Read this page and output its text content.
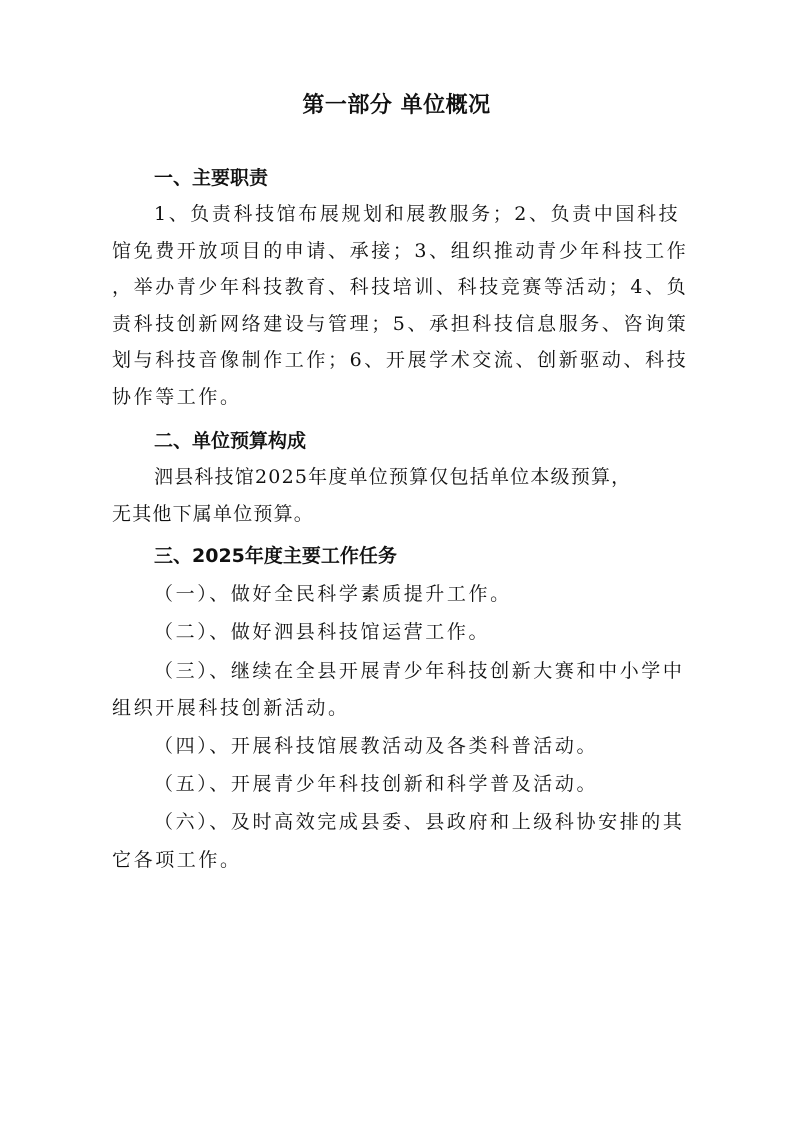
第一部分 单位概况
一、主要职责
1、负责科技馆布展规划和展教服务；2、负责中国科技
馆免费开放项目的申请、承接；3、组织推动青少年科技工作
，举办青少年科技教育、科技培训、科技竞赛等活动；4、负
责科技创新网络建设与管理；5、承担科技信息服务、咨询策
划与科技音像制作工作；6、开展学术交流、创新驱动、科技
协作等工作。
二、单位预算构成
泗县科技馆2025年度单位预算仅包括单位本级预算，
无其他下属单位预算。
三、2025年度主要工作任务
（一）、做好全民科学素质提升工作。
（二）、做好泗县科技馆运营工作。
（三）、继续在全县开展青少年科技创新大赛和中小学中
组织开展科技创新活动。
（四）、开展科技馆展教活动及各类科普活动。
（五）、开展青少年科技创新和科学普及活动。
（六）、及时高效完成县委、县政府和上级科协安排的其
它各项工作。
